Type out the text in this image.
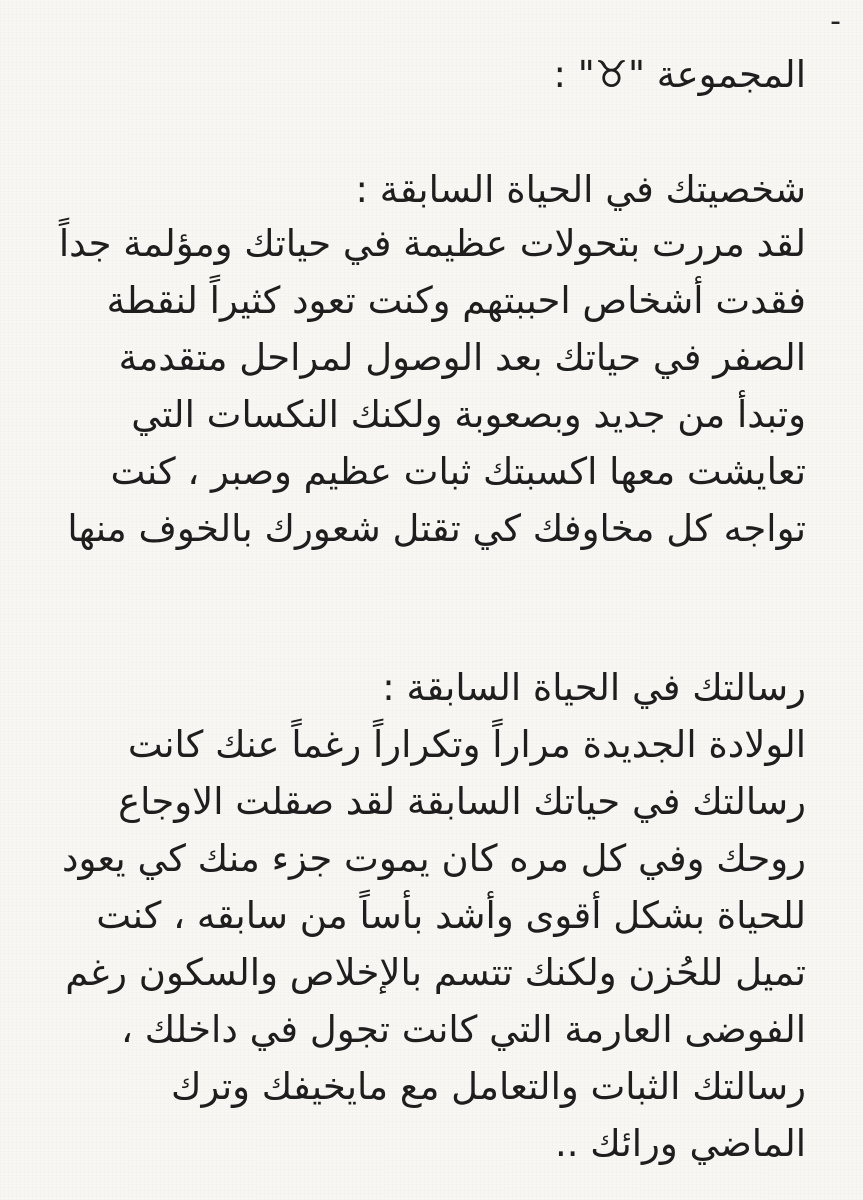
-
المجموعة "♉" :
شخصيتك في الحياة السابقة :
لقد مررت بتحولات عظيمة في حياتك ومؤلمة جداً
فقدت أشخاص احببتهم وكنت تعود كثيراً لنقطة
الصفر في حياتك بعد الوصول لمراحل متقدمة
وتبدأ من جديد وبصعوبة ولكنك النكسات التي
تعايشت معها اكسبتك ثبات عظيم وصبر ، كنت
تواجه كل مخاوفك كي تقتل شعورك بالخوف منها
رسالتك في الحياة السابقة :
الولادة الجديدة مراراً وتكراراً رغماً عنك كانت
رسالتك في حياتك السابقة لقد صقلت الاوجاع
روحك وفي كل مره كان يموت جزء منك كي يعود
للحياة بشكل أقوى وأشد بأساً من سابقه ، كنت
تميل للحُزن ولكنك تتسم بالإخلاص والسكون رغم
الفوضى العارمة التي كانت تجول في داخلك ،
رسالتك الثبات والتعامل مع مايخيفك وترك
الماضي ورائك ..
